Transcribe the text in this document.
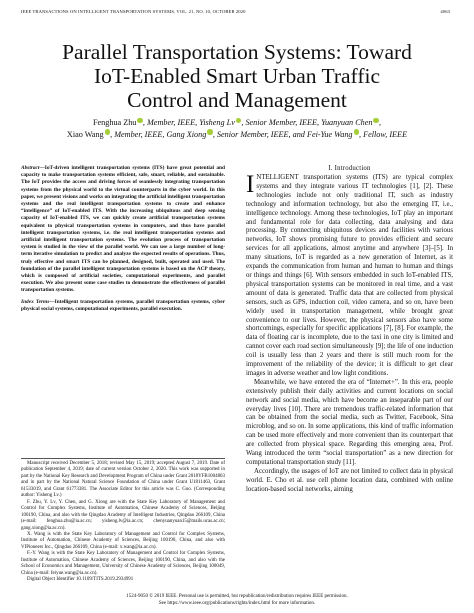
IEEE TRANSACTIONS ON INTELLIGENT TRANSPORTATION SYSTEMS, VOL. 21, NO. 10, OCTOBER 2020	4063
Parallel Transportation Systems: Toward
IoT-Enabled Smart Urban Traffic
Control and Management
Fenghua Zhu , Member, IEEE, Yisheng Lv , Senior Member, IEEE, Yuanyuan Chen ,
Xiao Wang , Member, IEEE, Gang Xiong , Senior Member, IEEE, and Fei-Yue Wang , Fellow, IEEE
Abstract—IoT-driven intelligent transportation systems (ITS) have great potential and capacity to make transportation systems efficient, safe, smart, reliable, and sustainable. The IoT provides the access and driving forces of seamlessly integrating transportation systems from the physical world to the virtual counterparts in the cyber world. In this paper, we present visions and works on integrating the artificial intelligent transportation systems and the real intelligent transportation systems to create and enhance “intelligence” of IoT-enabled ITS. With the increasing ubiquitous and deep sensing capacity of IoT-enabled ITS, we can quickly create artificial transportation systems equivalent to physical transportation systems in computers, and thus have parallel intelligent transportation systems, i.e. the real intelligent transportation systems and artificial intelligent transportation systems. The evolution process of transportation system is studied in the view of the parallel world. We can use a large number of long-term iterative simulation to predict and analyze the expected results of operations. Thus, truly effective and smart ITS can be planned, designed, built, operated and used. The foundation of the parallel intelligent transportation systems is based on the ACP theory, which is composed of artificial societies, computational experiments, and parallel execution. We also present some case studies to demonstrate the effectiveness of parallel transportation systems.
Index Terms—Intelligent transportation systems, parallel transportation systems, cyber physical social systems, computational experiments, parallel execution.

Manuscript received December 5, 2018; revised May 15, 2019; accepted August 7, 2019. Date of publication September 4, 2019; date of current version October 2, 2020. This work was supported in part by the National Key Research and Development Program of China under Grant 2018YFB1004803 and in part by the National Natural Science Foundation of China under Grant U1811463, Grant 61533019, and Grant 61773381. The Associate Editor for this article was C. Guo. (Corresponding author: Yisheng Lv.)

F. Zhu, Y. Lv, Y. Chen, and G. Xiong are with the State Key Laboratory of Management and Control for Complex Systems, Institute of Automation, Chinese Academy of Sciences, Beijing 100190, China, and also with the Qingdao Academy of Intelligent Industries, Qingdao 266109, China (e-mail: fenghua.zhu@ia.ac.cn; yisheng.lv@ia.ac.cn; chenyuanyuan15@mails.ucas.ac.cn; gang.xiong@ia.ac.cn).

X. Wang is with the State Key Laboratory of Management and Control for Complex Systems, Institute of Automation, Chinese Academy of Sciences, Beijing 100190, China, and also with VIPioneers Inc., Qingdao 266109, China (e-mail: x.wang@ia.ac.cn).

F.-Y. Wang is with the State Key Laboratory of Management and Control for Complex Systems, Institute of Automation, Chinese Academy of Sciences, Beijing 100190, China, and also with the School of Economics and Management, University of Chinese Academy of Sciences, Beijing 100049, China (e-mail: feiyue.wang@ia.ac.cn).

Digital Object Identifier 10.1109/TITS.2019.2934991

I. Introduction

INTELLIGENT transportation systems (ITS) are typical complex systems and they integrate various IT technologies [1], [2]. These technologies include not only traditional IT, such as industry technology and information technology, but also the emerging IT, i.e., intelligence technology. Among these technologies, IoT play an important and fundamental role for data collecting, data analysing and data processing. By connecting ubiquitous devices and facilities with various networks, IoT shows promising future to provides efficient and secure services for all applications, almost anytime and anywhere [3]–[5]. In many situations, IoT is regarded as a new generation of Internet, as it expands the communication from human and human to human and things or things and things [6]. With sensors embedded in such IoT-enabled ITS, physical transportation systems can be monitored in real time, and a vast amount of data is generated. Traffic data that are collected from physical sensors, such as GPS, induction coil, video camera, and so on, have been widely used in transportation management, while brought great convenience to our lives. However, the physical sensors also have some shortcomings, especially for specific applications [7], [8]. For example, the data of floating car is incomplete, due to the taxi in one city is limited and cannot cover each road section simultaneously [9]; the life of one induction coil is usually less than 2 years and there is still much room for the improvement of the reliability of the device; it is difficult to get clear images in adverse weather and low light conditions.

Meanwhile, we have entered the era of “Internet+”. In this era, people extensively publish their daily activities and current locations on social network and social media, which have become an inseparable part of our everyday lives [10]. There are tremendous traffic-related information that can be obtained from the social media, such as Twitter, Facebook, Sina microblog, and so on. In some applications, this kind of traffic information can be used more effectively and more convenient than its counterpart that are collected from physical space. Regarding this emerging area, Prof. Wang introduced the term “social transportation” as a new direction for computational transportation study [11].

Accordingly, the usages of IoT are not limited to collect data in physical world. E. Cho et al. use cell phone location data, combined with online location-based social networks, aiming

1524-9050 © 2019 IEEE. Personal use is permitted, but republication/redistribution requires IEEE permission.
See https://www.ieee.org/publications/rights/index.html for more information.
